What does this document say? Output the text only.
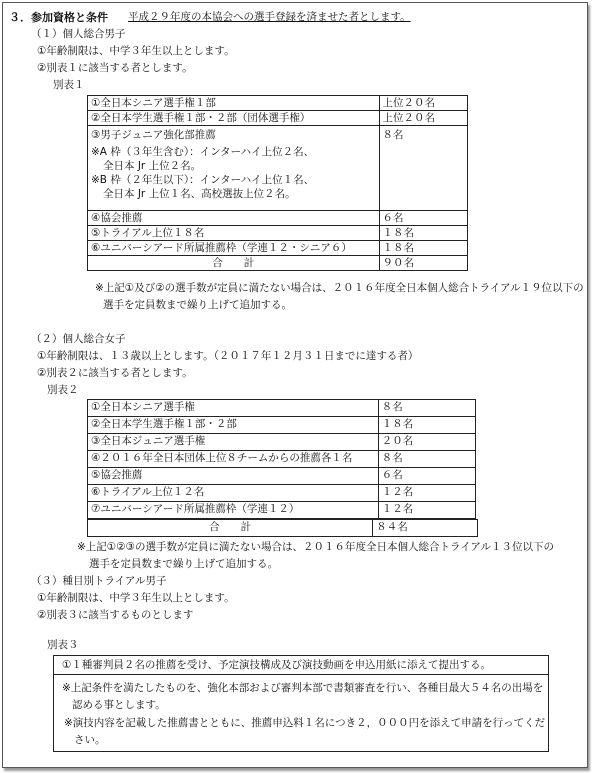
３．参加資格と条件 平成２９年度の本協会への選手登録を済ませた者とします。
（１）個人総合男子
①年齢制限は、中学３年生以上とします。
②別表１に該当する者とします。
別表１
①全日本シニア選手権１部	上位２０名
②全日本学生選手権１部・２部（団体選手権）	上位２０名

③男子ジュニア強化部推薦
※A 枠（３年生含む）：インターハイ上位２名、
全日本 Jr 上位２名。
※B 枠（２年生以下）：インターハイ上位１名、
全日本 Jr 上位１名、高校選抜上位２名。	８名

④協会推薦	６名
⑤トライアル上位１８名	１８名
⑥ユニバーシアード所属推薦枠（学連１２・シニア６）	１８名
合　　計	９０名
※上記①及び②の選手数が定員に満たない場合は、２０１６年度全日本個人総合トライアル１９位以下の
選手を定員数まで繰り上げて追加する。
（２）個人総合女子
①年齢制限は、１３歳以上とします。（２０１７年１２月３１日までに達する者）
②別表２に該当する者とします。
別表２
①全日本シニア選手権	８名
②全日本学生選手権１部・２部	１８名
③全日本ジュニア選手権	２０名
④２０１６年全日本団体上位８チームからの推薦各１名	８名
⑤協会推薦	６名
⑥トライアル上位１２名	１２名
⑦ユニバーシアード所属推薦枠（学連１２）	１２名
合　　計	８４名
※上記①②③の選手数が定員に満たない場合は、２０１６年度全日本個人総合トライアル１３位以下の
選手を定員数まで繰り上げて追加する。
（３）種目別トライアル男子
①年齢制限は、中学３年生以上とします。
②別表３に該当するものとします
別表３
①１種審判員２名の推薦を受け、予定演技構成及び演技動画を申込用紙に添えて提出する。
※上記条件を満たしたものを、強化本部および審判本部で書類審査を行い、各種目最大５４名の出場を
認める事とします。
※演技内容を記載した推薦書とともに、推薦申込料１名につき２，０００円を添えて申請を行ってくだ
さい。
